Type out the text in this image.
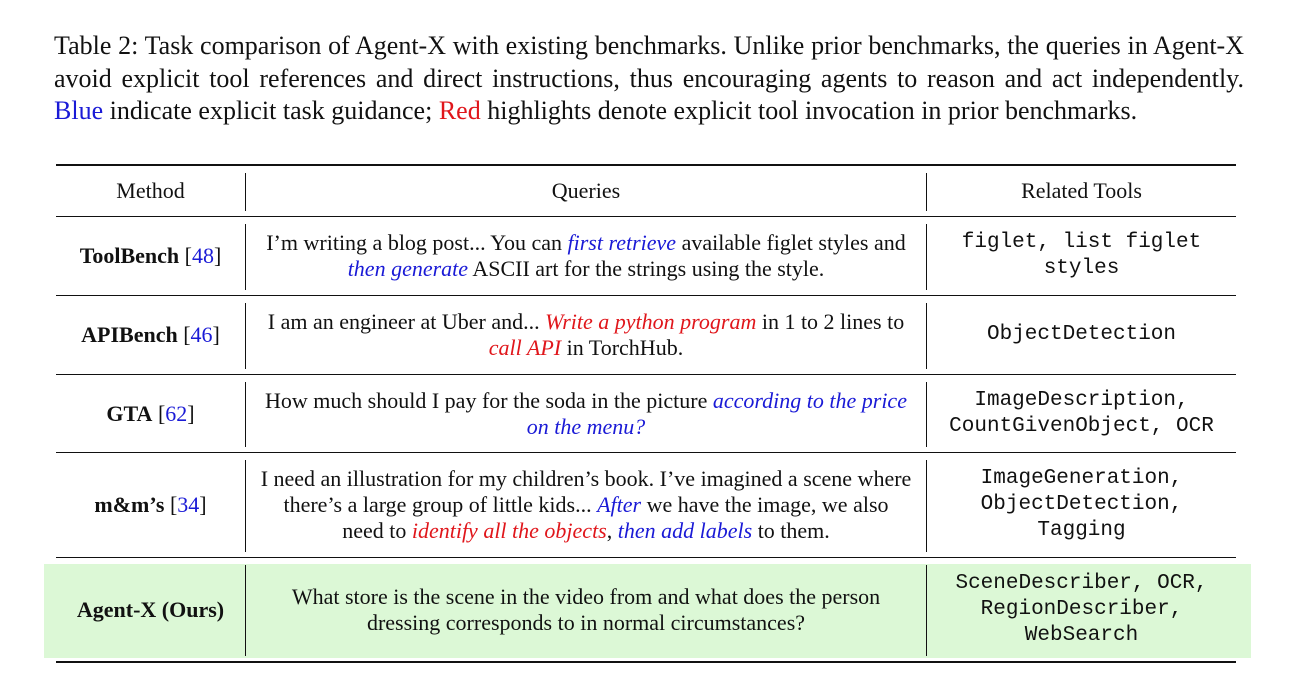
Table 2: Task comparison of Agent-X with existing benchmarks. Unlike prior benchmarks, the queries in Agent-X avoid explicit tool references and direct instructions, thus encouraging agents to reason and act independently. Blue indicate explicit task guidance; Red highlights denote explicit tool invocation in prior benchmarks.
Method	Queries	Related Tools
ToolBench [48]
I’m writing a blog post... You can first retrieve available figlet styles and then generate ASCII art for the strings using the style.
figlet, list figlet styles
APIBench [46]
I am an engineer at Uber and... Write a python program in 1 to 2 lines to call API in TorchHub.
ObjectDetection
GTA [62]
How much should I pay for the soda in the picture according to the price on the menu?
ImageDescription, CountGivenObject, OCR
m&m’s [34]
I need an illustration for my children’s book. I’ve imagined a scene where there’s a large group of little kids... After we have the image, we also need to identify all the objects, then add labels to them.
ImageGeneration, ObjectDetection, Tagging
Agent-X (Ours)
What store is the scene in the video from and what does the person dressing corresponds to in normal circumstances?
SceneDescriber, OCR, RegionDescriber, WebSearch
